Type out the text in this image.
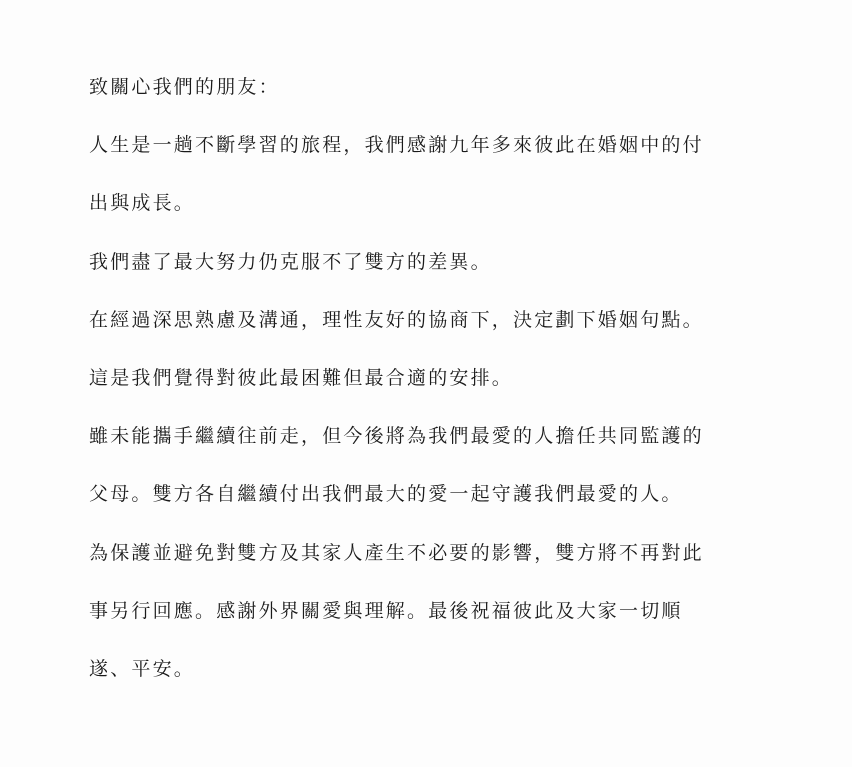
致關心我們的朋友：
人生是一趟不斷學習的旅程，我們感謝九年多來彼此在婚姻中的付
出與成長。
我們盡了最大努力仍克服不了雙方的差異。
在經過深思熟慮及溝通，理性友好的協商下，決定劃下婚姻句點。
這是我們覺得對彼此最困難但最合適的安排。
雖未能攜手繼續往前走，但今後將為我們最愛的人擔任共同監護的
父母。雙方各自繼續付出我們最大的愛一起守護我們最愛的人。
為保護並避免對雙方及其家人產生不必要的影響，雙方將不再對此
事另行回應。感謝外界關愛與理解。最後祝福彼此及大家一切順
遂、平安。
